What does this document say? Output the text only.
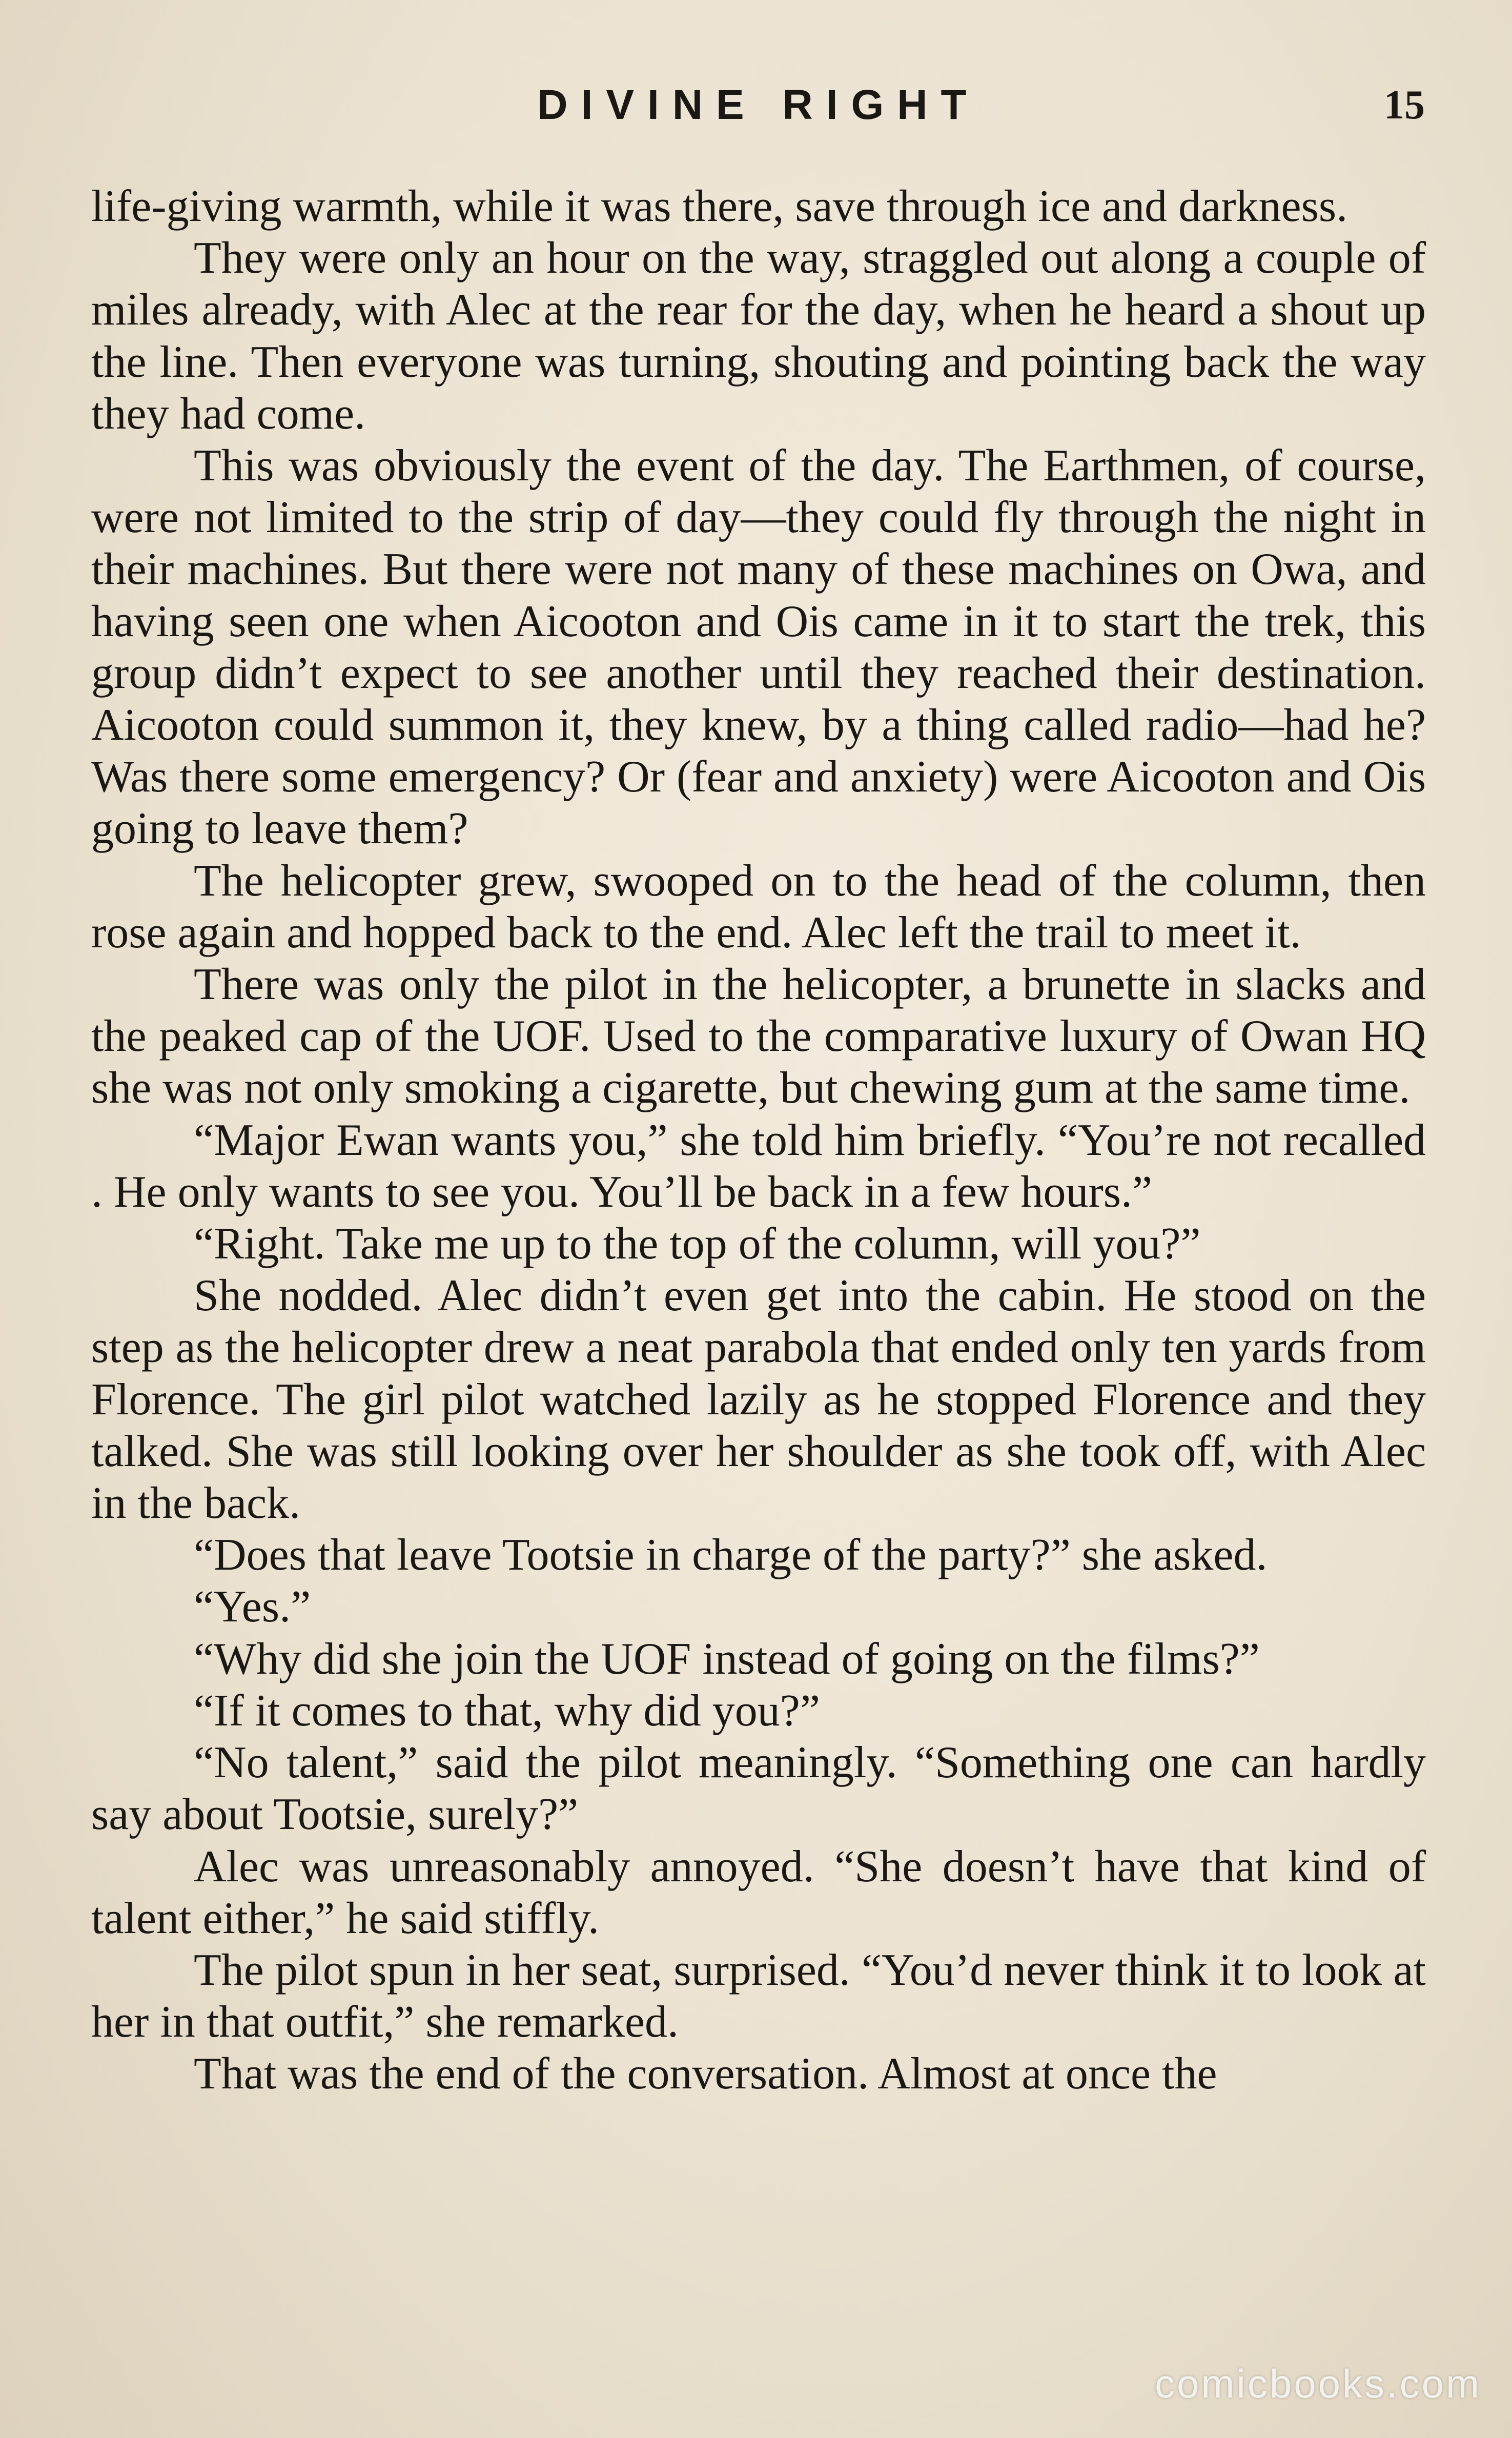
DIVINE RIGHT	15

life-giving warmth, while it was there, save through ice and darkness.

They were only an hour on the way, straggled out along a couple of miles already, with Alec at the rear for the day, when he heard a shout up the line. Then everyone was turning, shouting and pointing back the way they had come.

This was obviously the event of the day. The Earthmen, of course, were not limited to the strip of day—they could fly through the night in their machines. But there were not many of these machines on Owa, and having seen one when Aicooton and Ois came in it to start the trek, this group didn’t expect to see another until they reached their destination. Aicooton could summon it, they knew, by a thing called radio—had he? Was there some emergency? Or (fear and anxiety) were Aicooton and Ois going to leave them?

The helicopter grew, swooped on to the head of the column, then rose again and hopped back to the end. Alec left the trail to meet it.

There was only the pilot in the helicopter, a brunette in slacks and the peaked cap of the UOF. Used to the comparative luxury of Owan HQ she was not only smoking a cigarette, but chewing gum at the same time.

“Major Ewan wants you,” she told him briefly. “You’re not recalled . He only wants to see you. You’ll be back in a few hours.”

“Right. Take me up to the top of the column, will you?”

She nodded. Alec didn’t even get into the cabin. He stood on the step as the helicopter drew a neat parabola that ended only ten yards from Florence. The girl pilot watched lazily as he stopped Florence and they talked. She was still looking over her shoulder as she took off, with Alec in the back.

“Does that leave Tootsie in charge of the party?” she asked.

“Yes.”

“Why did she join the UOF instead of going on the films?”

“If it comes to that, why did you?”

“No talent,” said the pilot meaningly. “Something one can hardly say about Tootsie, surely?”

Alec was unreasonably annoyed. “She doesn’t have that kind of talent either,” he said stiffly.

The pilot spun in her seat, surprised. “You’d never think it to look at her in that outfit,” she remarked.

That was the end of the conversation. Almost at once the

comicbooks.com
